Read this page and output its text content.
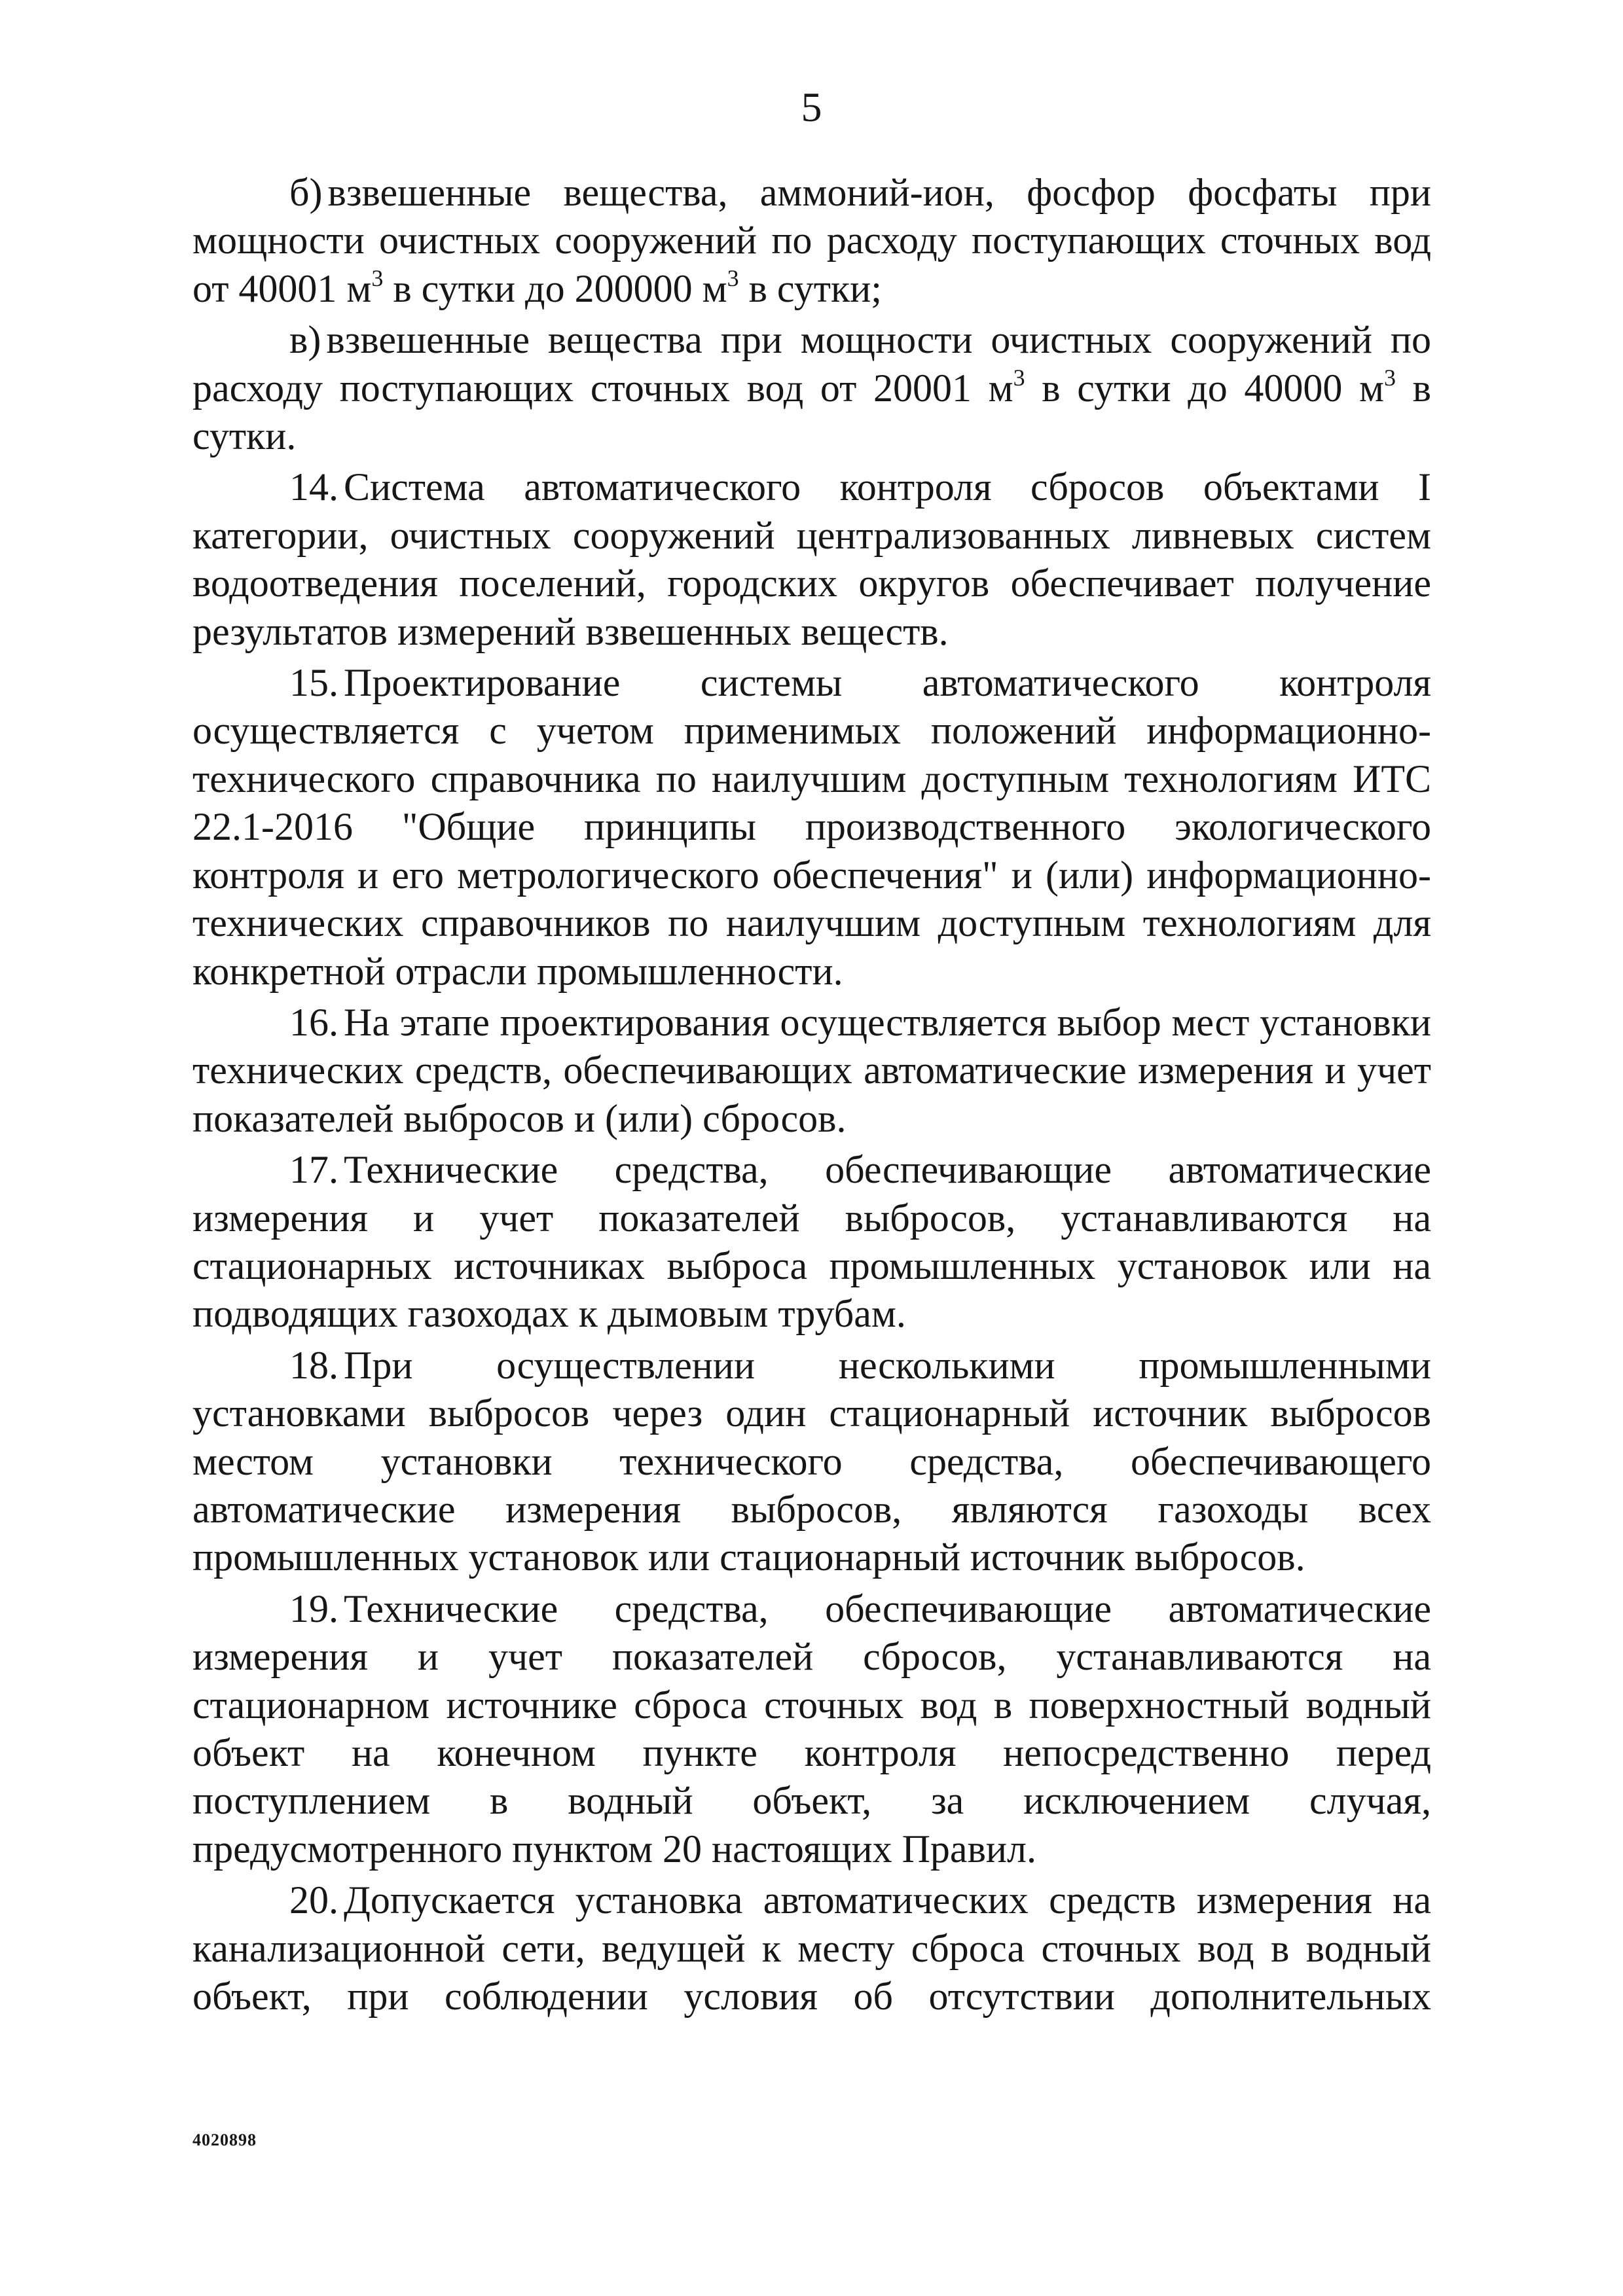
5

б) взвешенные вещества, аммоний-ион, фосфор фосфаты при мощности очистных сооружений по расходу поступающих сточных вод от 40001 $м^3$ в сутки до 200000 $м^3$ в сутки;

в) взвешенные вещества при мощности очистных сооружений по расходу поступающих сточных вод от 20001 $м^3$ в сутки до 40000 $м^3$ в сутки.

14. Система автоматического контроля сбросов объектами I категории, очистных сооружений централизованных ливневых систем водоотведения поселений, городских округов обеспечивает получение результатов измерений взвешенных веществ.

15. Проектирование системы автоматического контроля осуществляется с учетом применимых положений информационно-технического справочника по наилучшим доступным технологиям ИТС 22.1-2016 "Общие принципы производственного экологического контроля и его метрологического обеспечения" и (или) информационно-технических справочников по наилучшим доступным технологиям для конкретной отрасли промышленности.

16. На этапе проектирования осуществляется выбор мест установки технических средств, обеспечивающих автоматические измерения и учет показателей выбросов и (или) сбросов.

17. Технические средства, обеспечивающие автоматические измерения и учет показателей выбросов, устанавливаются на стационарных источниках выброса промышленных установок или на подводящих газоходах к дымовым трубам.

18. При осуществлении несколькими промышленными установками выбросов через один стационарный источник выбросов местом установки технического средства, обеспечивающего автоматические измерения выбросов, являются газоходы всех промышленных установок или стационарный источник выбросов.

19. Технические средства, обеспечивающие автоматические измерения и учет показателей сбросов, устанавливаются на стационарном источнике сброса сточных вод в поверхностный водный объект на конечном пункте контроля непосредственно перед поступлением в водный объект, за исключением случая, предусмотренного пунктом 20 настоящих Правил.

20. Допускается установка автоматических средств измерения на канализационной сети, ведущей к месту сброса сточных вод в водный объект, при соблюдении условия об отсутствии дополнительных

4020898
